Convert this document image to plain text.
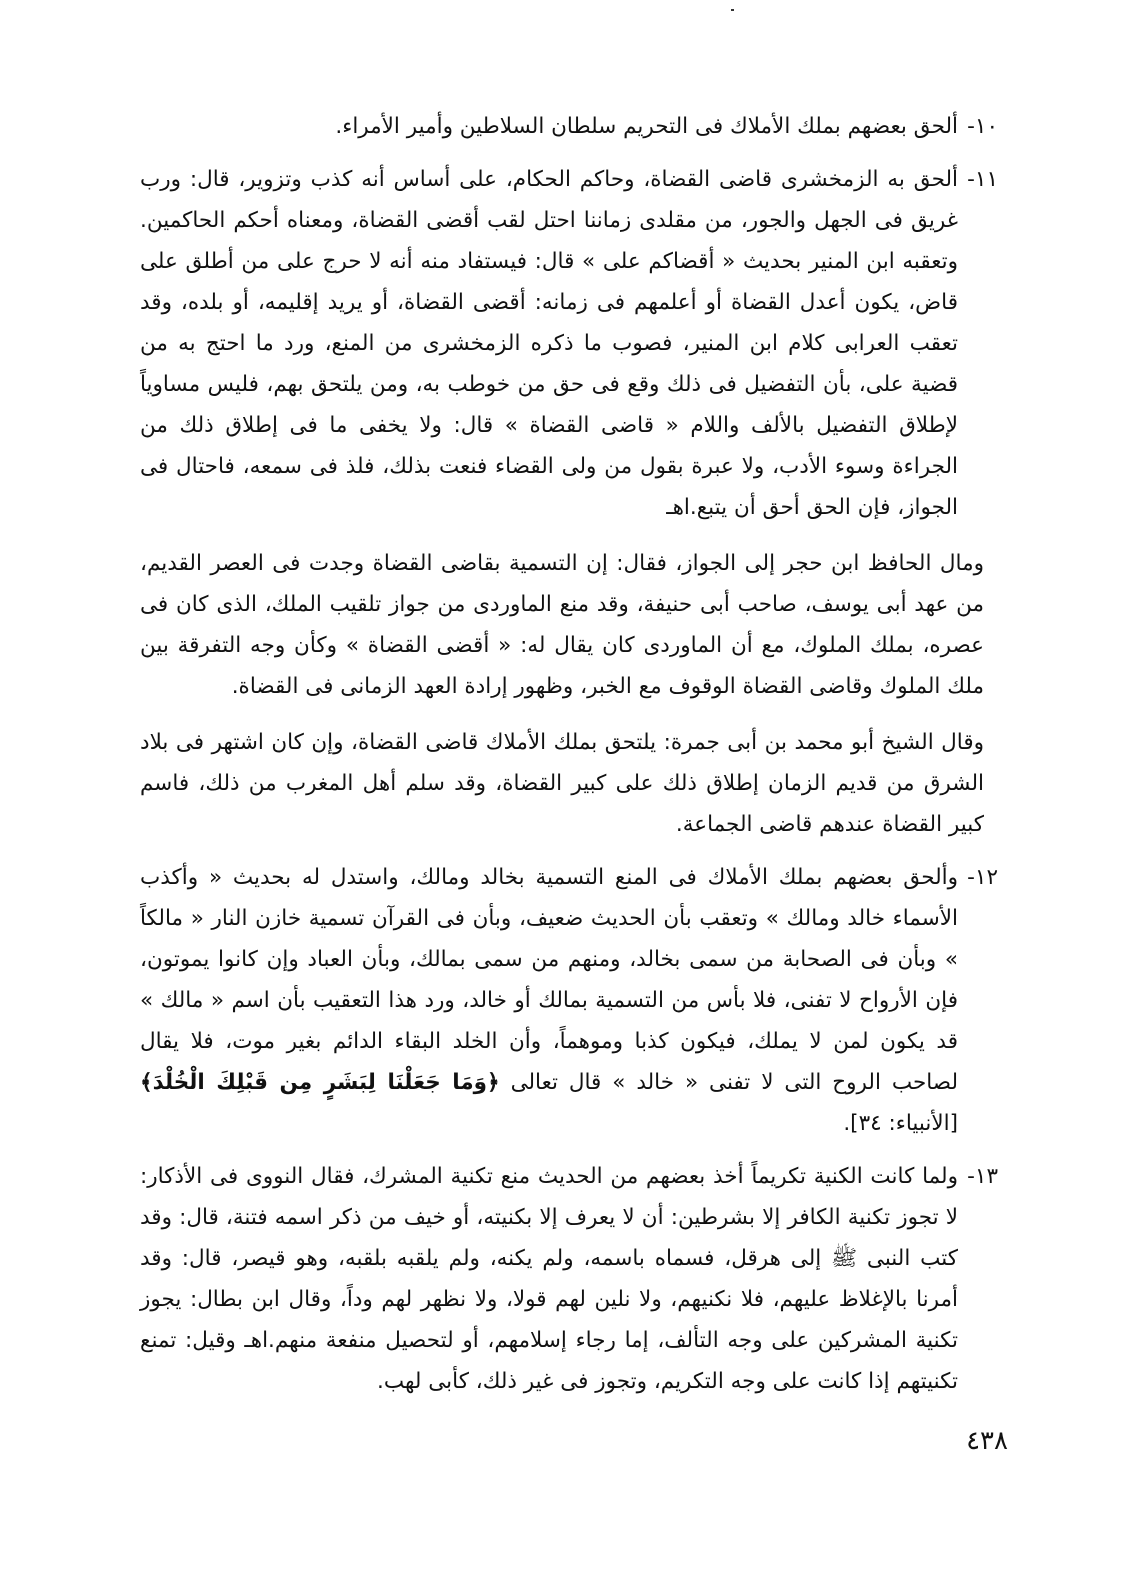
١٠-ألحق بعضهم بملك الأملاك فى التحريم سلطان السلاطين وأمير الأمراء.

١١-ألحق به الزمخشرى قاضى القضاة، وحاكم الحكام، على أساس أنه كذب وتزوير، قال: ورب غريق فى الجهل والجور، من مقلدى زماننا احتل لقب أقضى القضاة، ومعناه أحكم الحاكمين. وتعقبه ابن المنير بحديث « أقضاكم على » قال: فيستفاد منه أنه لا حرج على من أطلق على قاض، يكون أعدل القضاة أو أعلمهم فى زمانه: أقضى القضاة، أو يريد إقليمه، أو بلده، وقد تعقب العرابى كلام ابن المنير، فصوب ما ذكره الزمخشرى من المنع، ورد ما احتج به من قضية على، بأن التفضيل فى ذلك وقع فى حق من خوطب به، ومن يلتحق بهم، فليس مساوياً لإطلاق التفضيل بالألف واللام « قاضى القضاة » قال: ولا يخفى ما فى إطلاق ذلك من الجراءة وسوء الأدب، ولا عبرة بقول من ولى القضاء فنعت بذلك، فلذ فى سمعه، فاحتال فى الجواز، فإن الحق أحق أن يتبع.اهـ

ومال الحافظ ابن حجر إلى الجواز، فقال: إن التسمية بقاضى القضاة وجدت فى العصر القديم، من عهد أبى يوسف، صاحب أبى حنيفة، وقد منع الماوردى من جواز تلقيب الملك، الذى كان فى عصره، بملك الملوك، مع أن الماوردى كان يقال له: « أقضى القضاة » وكأن وجه التفرقة بين ملك الملوك وقاضى القضاة الوقوف مع الخبر، وظهور إرادة العهد الزمانى فى القضاة.

وقال الشيخ أبو محمد بن أبى جمرة: يلتحق بملك الأملاك قاضى القضاة، وإن كان اشتهر فى بلاد الشرق من قديم الزمان إطلاق ذلك على كبير القضاة، وقد سلم أهل المغرب من ذلك، فاسم كبير القضاة عندهم قاضى الجماعة.

١٢-وألحق بعضهم بملك الأملاك فى المنع التسمية بخالد ومالك، واستدل له بحديث « وأكذب الأسماء خالد ومالك » وتعقب بأن الحديث ضعيف، وبأن فى القرآن تسمية خازن النار « مالكاً » وبأن فى الصحابة من سمى بخالد، ومنهم من سمى بمالك، وبأن العباد وإن كانوا يموتون، فإن الأرواح لا تفنى، فلا بأس من التسمية بمالك أو خالد، ورد هذا التعقيب بأن اسم « مالك » قد يكون لمن لا يملك، فيكون كذبا وموهماً، وأن الخلد البقاء الدائم بغير موت، فلا يقال لصاحب الروح التى لا تفنى « خالد » قال تعالى ﴿وَمَا جَعَلْنَا لِبَشَرٍ مِن قَبْلِكَ الْخُلْدَ﴾ [الأنبياء: ٣٤].

١٣-ولما كانت الكنية تكريماً أخذ بعضهم من الحديث منع تكنية المشرك، فقال النووى فى الأذكار: لا تجوز تكنية الكافر إلا بشرطين: أن لا يعرف إلا بكنيته، أو خيف من ذكر اسمه فتنة، قال: وقد كتب النبى ﷺ إلى هرقل، فسماه باسمه، ولم يكنه، ولم يلقبه بلقبه، وهو قيصر، قال: وقد أمرنا بالإغلاظ عليهم، فلا نكنيهم، ولا نلين لهم قولا، ولا نظهر لهم وداً، وقال ابن بطال: يجوز تكنية المشركين على وجه التألف، إما رجاء إسلامهم، أو لتحصيل منفعة منهم.اهـ وقيل: تمنع تكنيتهم إذا كانت على وجه التكريم، وتجوز فى غير ذلك، كأبى لهب.

٤٣٨
